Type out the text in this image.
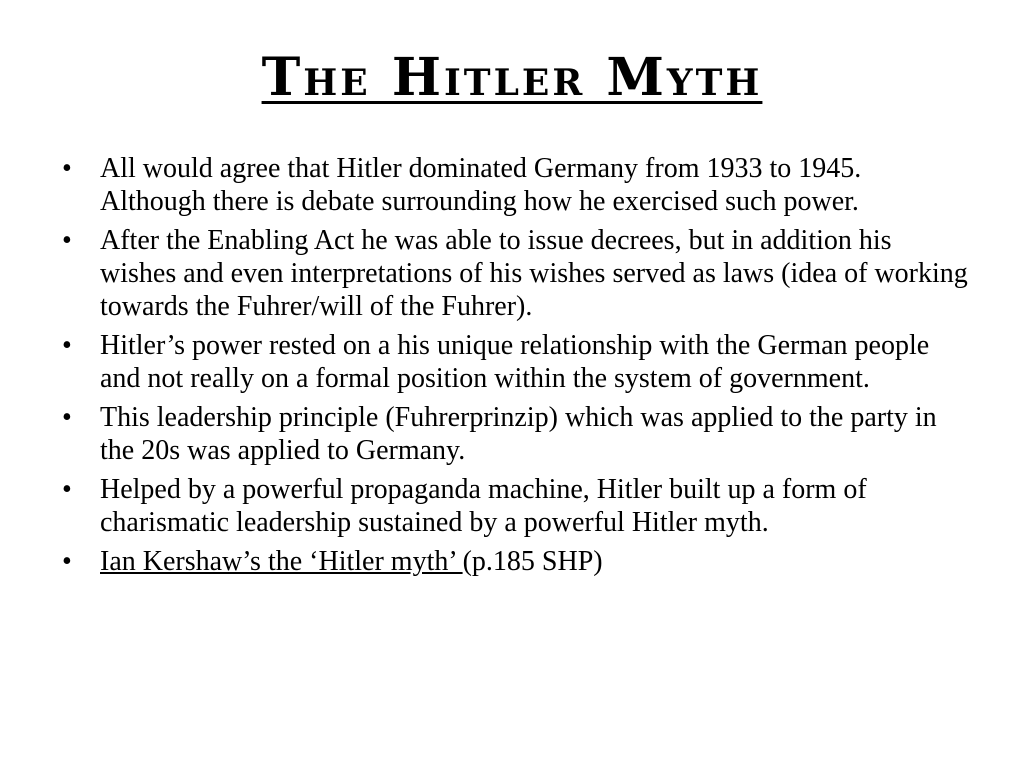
The Hitler Myth
• All would agree that Hitler dominated Germany from 1933 to 1945. Although there is debate surrounding how he exercised such power.
• After the Enabling Act he was able to issue decrees, but in addition his wishes and even interpretations of his wishes served as laws (idea of working towards the Fuhrer/will of the Fuhrer).
• Hitler’s power rested on a his unique relationship with the German people and not really on a formal position within the system of government.
• This leadership principle (Fuhrerprinzip) which was applied to the party in the 20s was applied to Germany.
• Helped by a powerful propaganda machine, Hitler built up a form of charismatic leadership sustained by a powerful Hitler myth.
• Ian Kershaw’s the ‘Hitler myth’ (p.185 SHP)
